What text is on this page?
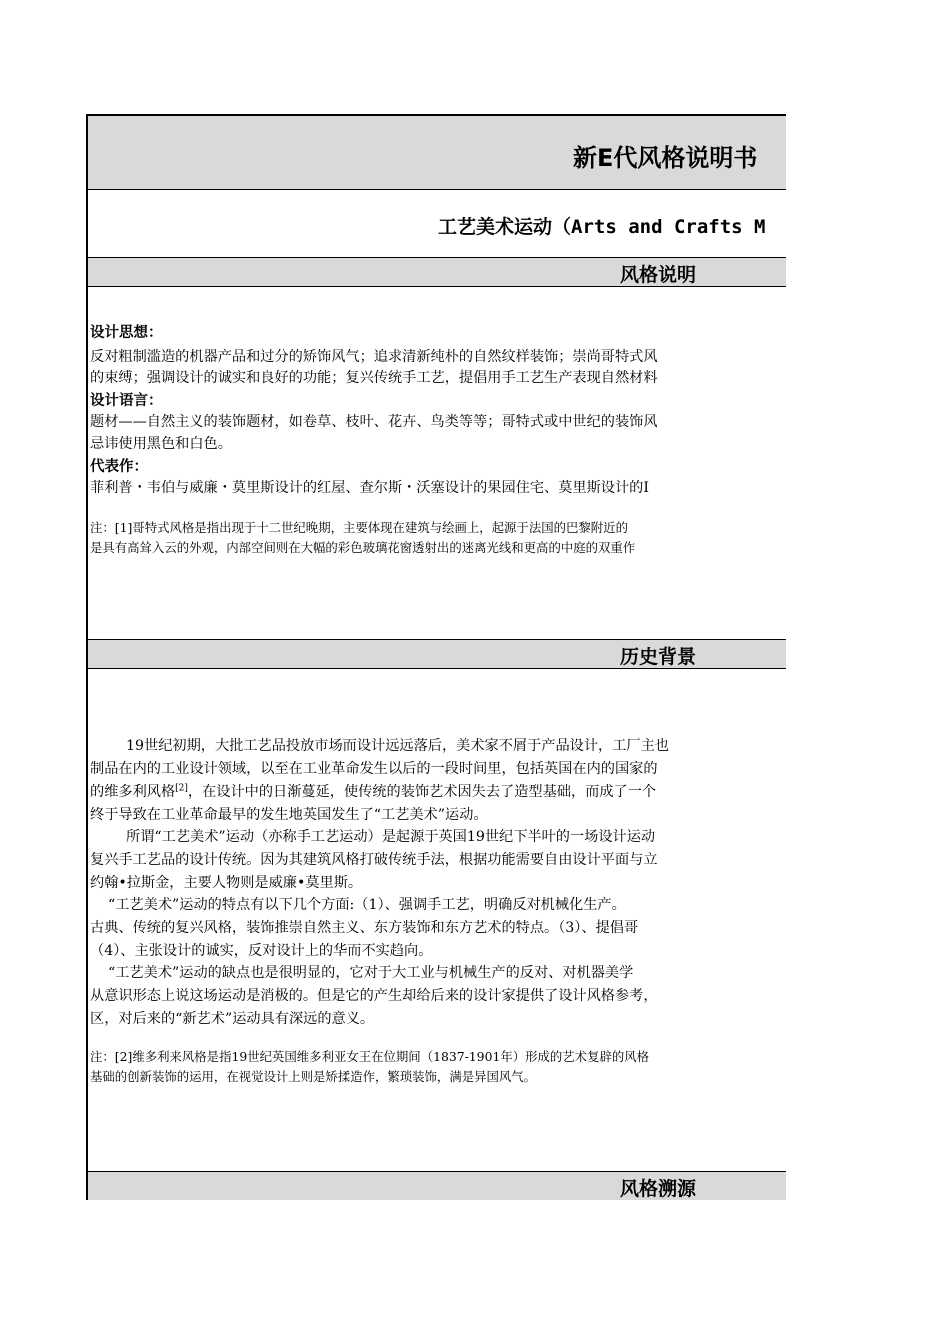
新E代风格说明书
工艺美术运动（Arts and Crafts M
风格说明
设计思想：
反对粗制滥造的机器产品和过分的矫饰风气；追求清新纯朴的自然纹样装饰；崇尚哥特式风
的束缚；强调设计的诚实和良好的功能；复兴传统手工艺，提倡用手工艺生产表现自然材料
设计语言：
题材——自然主义的装饰题材，如卷草、枝叶、花卉、鸟类等等；哥特式或中世纪的装饰风
忌讳使用黑色和白色。
代表作：
菲利普・韦伯与威廉・莫里斯设计的红屋、查尔斯・沃塞设计的果园住宅、莫里斯设计的I
注：[1]哥特式风格是指出现于十二世纪晚期，主要体现在建筑与绘画上，起源于法国的巴黎附近的
是具有高耸入云的外观，内部空间则在大幅的彩色玻璃花窗透射出的迷离光线和更高的中庭的双重作
历史背景
19世纪初期，大批工艺品投放市场而设计远远落后，美术家不屑于产品设计，工厂主也
制品在内的工业设计领域，以至在工业革命发生以后的一段时间里，包括英国在内的国家的
的维多利风格[2]，在设计中的日渐蔓延，使传统的装饰艺术因失去了造型基础，而成了一个
终于导致在工业革命最早的发生地英国发生了“工艺美术”运动。
所谓“工艺美术”运动（亦称手工艺运动）是起源于英国19世纪下半叶的一场设计运动
复兴手工艺品的设计传统。因为其建筑风格打破传统手法，根据功能需要自由设计平面与立
约翰•拉斯金，主要人物则是威廉•莫里斯。
“工艺美术”运动的特点有以下几个方面:（1）、强调手工艺，明确反对机械化生产。
古典、传统的复兴风格，装饰推崇自然主义、东方装饰和东方艺术的特点。（3）、提倡哥
（4）、主张设计的诚实，反对设计上的华而不实趋向。
“工艺美术”运动的缺点也是很明显的，它对于大工业与机械生产的反对、对机器美学
从意识形态上说这场运动是消极的。但是它的产生却给后来的设计家提供了设计风格参考，
区，对后来的“新艺术”运动具有深远的意义。
注：[2]维多利来风格是指19世纪英国维多利亚女王在位期间（1837-1901年）形成的艺术复辟的风格
基础的创新装饰的运用，在视觉设计上则是矫揉造作，繁琐装饰，满是异国风气。
风格溯源
